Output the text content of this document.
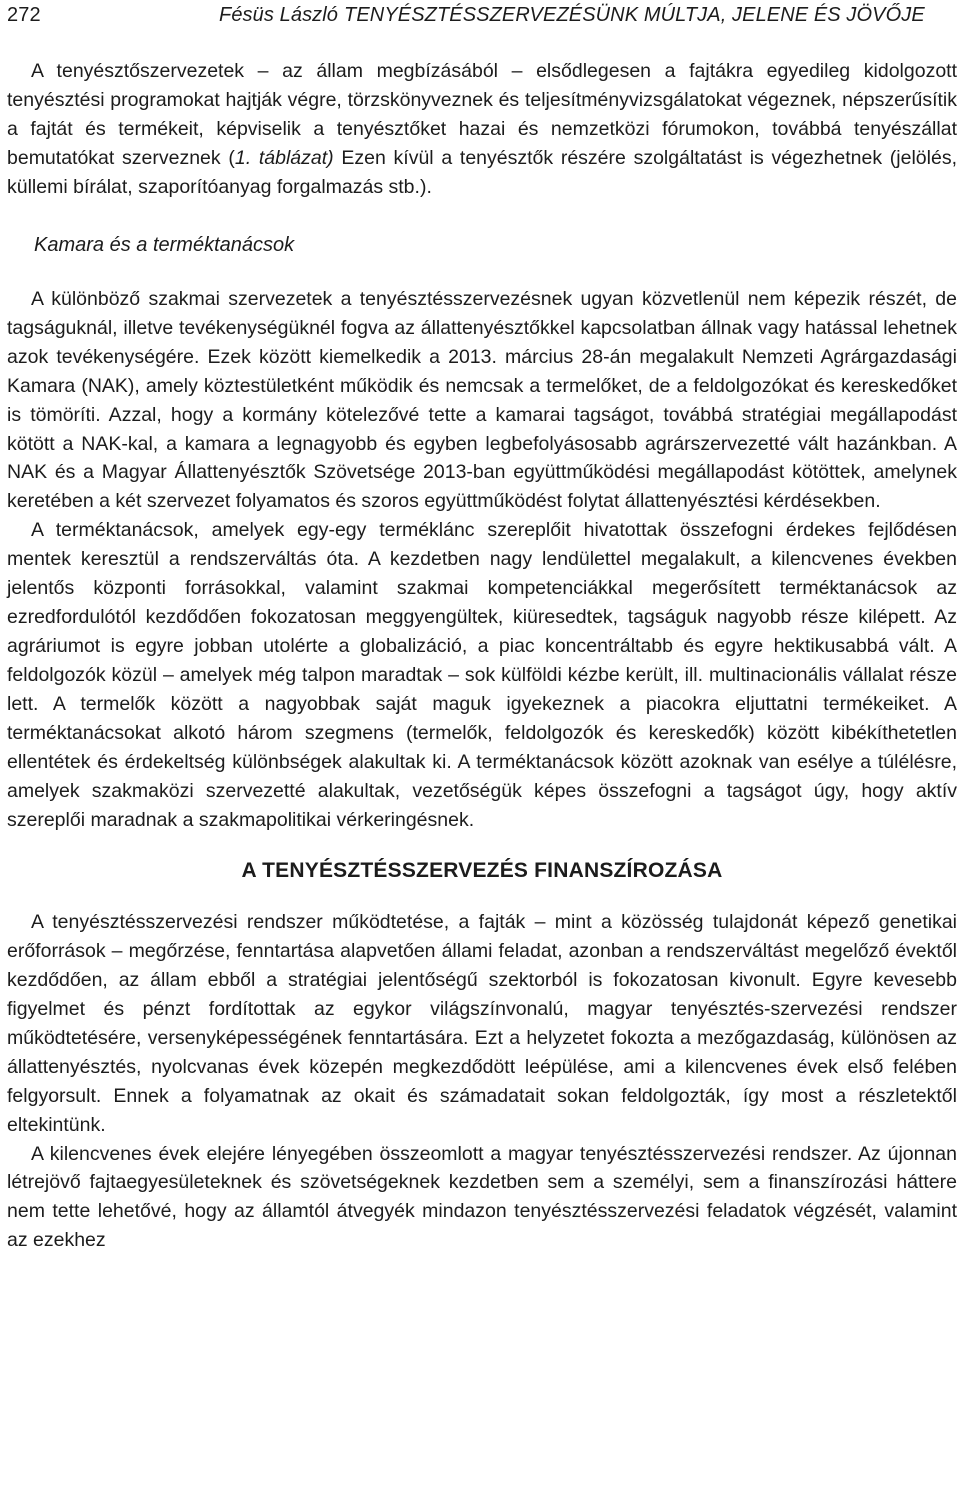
272	Fésüs László TENYÉSZTÉSSZERVEZÉSÜNK MÚLTJA, JELENE ÉS JÖVŐJE

A tenyésztőszervezetek – az állam megbízásából – elsődlegesen a fajtákra egyedileg kidolgozott tenyésztési programokat hajtják végre, törzskönyveznek és teljesítményvizsgálatokat végeznek, népszerűsítik a fajtát és termékeit, képviselik a tenyésztőket hazai és nemzetközi fórumokon, továbbá tenyészállat bemutatókat szerveznek (1. táblázat) Ezen kívül a tenyésztők részére szolgáltatást is végezhetnek (jelölés, küllemi bírálat, szaporítóanyag forgalmazás stb.).

Kamara és a terméktanácsok

A különböző szakmai szervezetek a tenyésztésszervezésnek ugyan közvetlenül nem képezik részét, de tagságuknál, illetve tevékenységüknél fogva az állattenyésztőkkel kapcsolatban állnak vagy hatással lehetnek azok tevékenységére. Ezek között kiemelkedik a 2013. március 28-án megalakult Nemzeti Agrárgazdasági Kamara (NAK), amely köztestületként működik és nemcsak a termelőket, de a feldolgozókat és kereskedőket is tömöríti. Azzal, hogy a kormány kötelezővé tette a kamarai tagságot, továbbá stratégiai megállapodást kötött a NAK-kal, a kamara a legnagyobb és egyben legbefolyásosabb agrárszervezetté vált hazánkban. A NAK és a Magyar Állattenyésztők Szövetsége 2013-ban együttműködési megállapodást kötöttek, amelynek keretében a két szervezet folyamatos és szoros együttműködést folytat állattenyésztési kérdésekben.

A terméktanácsok, amelyek egy-egy terméklánc szereplőit hivatottak összefogni érdekes fejlődésen mentek keresztül a rendszerváltás óta. A kezdetben nagy lendülettel megalakult, a kilencvenes években jelentős központi forrásokkal, valamint szakmai kompetenciákkal megerősített terméktanácsok az ezredfordulótól kezdődően fokozatosan meggyengültek, kiüresedtek, tagságuk nagyobb része kilépett. Az agráriumot is egyre jobban utolérte a globalizáció, a piac koncentráltabb és egyre hektikusabbá vált. A feldolgozók közül – amelyek még talpon maradtak – sok külföldi kézbe került, ill. multinacionális vállalat része lett. A termelők között a nagyobbak saját maguk igyekeznek a piacokra eljuttatni termékeiket. A terméktanácsokat alkotó három szegmens (termelők, feldolgozók és kereskedők) között kibékíthetetlen ellentétek és érdekeltség különbségek alakultak ki. A terméktanácsok között azoknak van esélye a túlélésre, amelyek szakmaközi szervezetté alakultak, vezetőségük képes összefogni a tagságot úgy, hogy aktív szereplői maradnak a szakmapolitikai vérkeringésnek.

A TENYÉSZTÉSSZERVEZÉS FINANSZÍROZÁSA

A tenyésztésszervezési rendszer működtetése, a fajták – mint a közösség tulajdonát képező genetikai erőforrások – megőrzése, fenntartása alapvetően állami feladat, azonban a rendszerváltást megelőző évektől kezdődően, az állam ebből a stratégiai jelentőségű szektorból is fokozatosan kivonult. Egyre kevesebb figyelmet és pénzt fordítottak az egykor világszínvonalú, magyar tenyésztés-szervezési rendszer működtetésére, versenyképességének fenntartására. Ezt a helyzetet fokozta a mezőgazdaság, különösen az állattenyésztés, nyolcvanas évek közepén megkezdődött leépülése, ami a kilencvenes évek első felében felgyorsult. Ennek a folyamatnak az okait és számadatait sokan feldolgozták, így most a részletektől eltekintünk.

A kilencvenes évek elejére lényegében összeomlott a magyar tenyésztésszervezési rendszer. Az újonnan létrejövő fajtaegyesületeknek és szövetségeknek kezdetben sem a személyi, sem a finanszírozási háttere nem tette lehetővé, hogy az államtól átvegyék mindazon tenyésztésszervezési feladatok végzését, valamint az ezekhez
